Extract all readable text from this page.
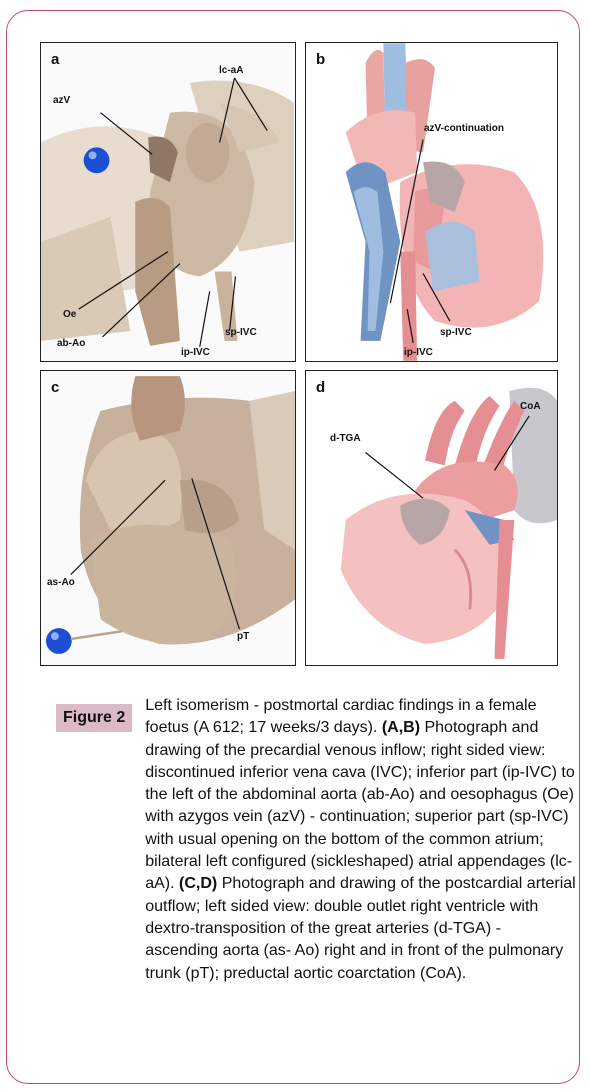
a
azV
lc-aA
Oe
ab-Ao
ip-IVC
sp-IVC
b
azV-continuation
sp-IVC
ip-IVC
c
as-Ao
pT
d
d-TGA
CoA
Figure 2
Left isomerism - postmortal cardiac findings in a female foetus (A 612; 17 weeks/3 days). (A,B) Photograph and drawing of the precardial venous inflow; right sided view: discontinued inferior vena cava (IVC); inferior part (ip-IVC) to the left of the abdominal aorta (ab-Ao) and oesophagus (Oe) with azygos vein (azV) - continuation; superior part (sp-IVC) with usual opening on the bottom of the common atrium; bilateral left configured (sickleshaped) atrial appendages (lc-aA). (C,D) Photograph and drawing of the postcardial arterial outflow; left sided view: double outlet right ventricle with dextro-transposition of the great arteries (d-TGA) - ascending aorta (as- Ao) right and in front of the pulmonary trunk (pT); preductal aortic coarctation (CoA).
